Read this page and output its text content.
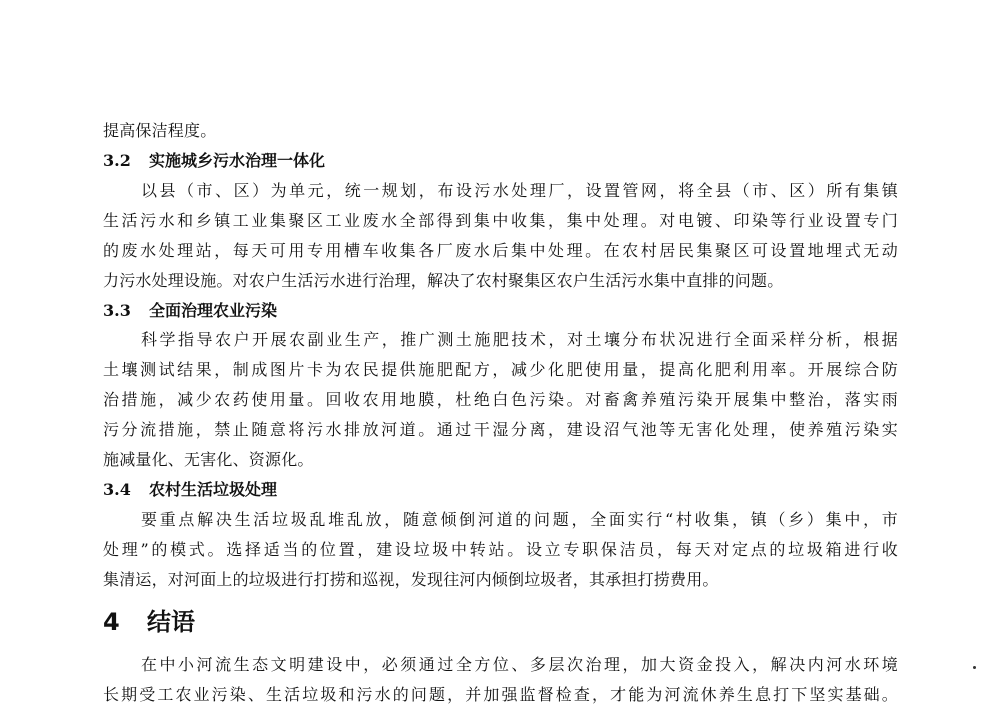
提高保洁程度。
3.2 实施城乡污水治理一体化
以县（市、区）为单元，统一规划，布设污水处理厂，设置管网，将全县（市、区）所有集镇
生活污水和乡镇工业集聚区工业废水全部得到集中收集，集中处理。对电镀、印染等行业设置专门
的废水处理站，每天可用专用槽车收集各厂废水后集中处理。在农村居民集聚区可设置地埋式无动
力污水处理设施。对农户生活污水进行治理，解决了农村聚集区农户生活污水集中直排的问题。
3.3 全面治理农业污染
科学指导农户开展农副业生产，推广测土施肥技术，对土壤分布状况进行全面采样分析，根据
土壤测试结果，制成图片卡为农民提供施肥配方，减少化肥使用量，提高化肥利用率。开展综合防
治措施，减少农药使用量。回收农用地膜，杜绝白色污染。对畜禽养殖污染开展集中整治，落实雨
污分流措施，禁止随意将污水排放河道。通过干湿分离，建设沼气池等无害化处理，使养殖污染实
施减量化、无害化、资源化。
3.4 农村生活垃圾处理
要重点解决生活垃圾乱堆乱放，随意倾倒河道的问题，全面实行“村收集，镇（乡）集中，市
处理”的模式。选择适当的位置，建设垃圾中转站。设立专职保洁员，每天对定点的垃圾箱进行收
集清运，对河面上的垃圾进行打捞和巡视，发现往河内倾倒垃圾者，其承担打捞费用。
4 结语
在中小河流生态文明建设中，必须通过全方位、多层次治理，加大资金投入，解决内河水环境
长期受工农业污染、生活垃圾和污水的问题，并加强监督检查，才能为河流休养生息打下坚实基础。
